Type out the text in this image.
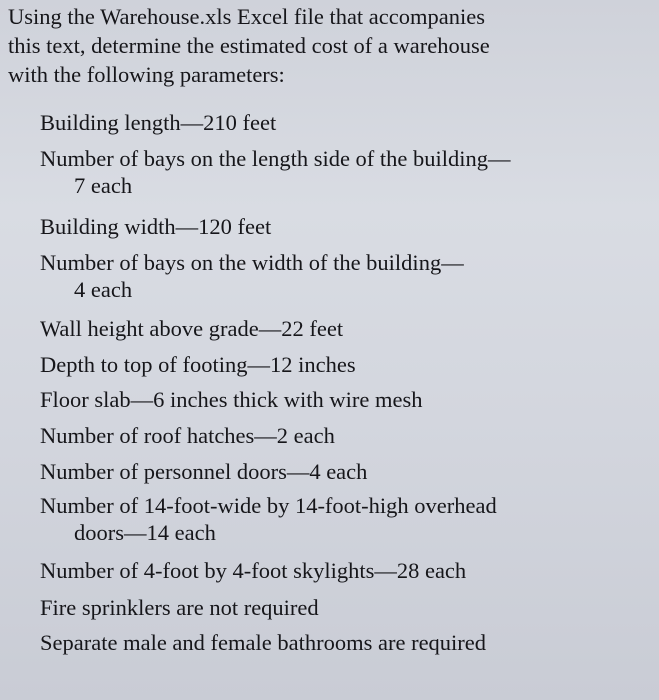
Using the Warehouse.xls Excel file that accompanies
this text, determine the estimated cost of a warehouse
with the following parameters:

Building length—210 feet
Number of bays on the length side of the building—
7 each
Building width—120 feet
Number of bays on the width of the building—
4 each
Wall height above grade—22 feet
Depth to top of footing—12 inches
Floor slab—6 inches thick with wire mesh
Number of roof hatches—2 each
Number of personnel doors—4 each
Number of 14-foot-wide by 14-foot-high overhead
doors—14 each
Number of 4-foot by 4-foot skylights—28 each
Fire sprinklers are not required
Separate male and female bathrooms are required
